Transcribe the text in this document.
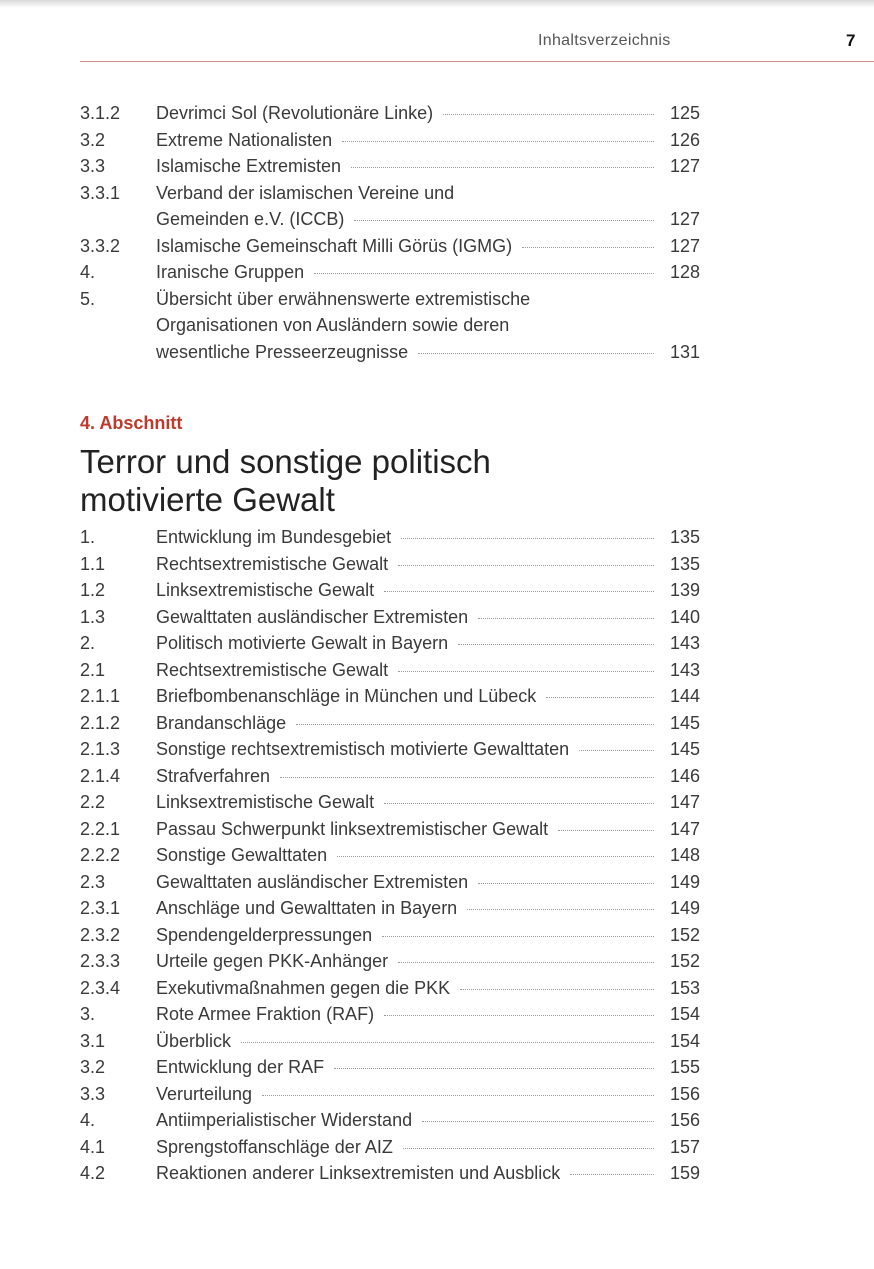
Inhaltsverzeichnis	7
3.1.2 Devrimci Sol (Revolutionäre Linke)	125
3.2	Extreme Nationalisten	126
3.3	Islamische Extremisten	127
3.3.1 Verband der islamischen Vereine und
Gemeinden e.V. (ICCB)	127
3.3.2 Islamische Gemeinschaft Milli Görüs (IGMG)	127
4.	Iranische Gruppen	128
5.	Übersicht über erwähnenswerte extremistische
Organisationen von Ausländern sowie deren
wesentliche Presseerzeugnisse	131
4. Abschnitt
Terror und sonstige politisch
motivierte Gewalt
1.	Entwicklung im Bundesgebiet	135
1.1	Rechtsextremistische Gewalt	135
1.2	Linksextremistische Gewalt	139
1.3	Gewalttaten ausländischer Extremisten	140
2.	Politisch motivierte Gewalt in Bayern	143
2.1	Rechtsextremistische Gewalt	143
2.1.1 Briefbombenanschläge in München und Lübeck	144
2.1.2 Brandanschläge	145
2.1.3 Sonstige rechtsextremistisch motivierte Gewalttaten	145
2.1.4 Strafverfahren	146
2.2	Linksextremistische Gewalt	147
2.2.1 Passau Schwerpunkt linksextremistischer Gewalt	147
2.2.2 Sonstige Gewalttaten	148
2.3	Gewalttaten ausländischer Extremisten	149
2.3.1 Anschläge und Gewalttaten in Bayern	149
2.3.2 Spendengelderpressungen	152
2.3.3 Urteile gegen PKK-Anhänger	152
2.3.4 Exekutivmaßnahmen gegen die PKK	153
3.	Rote Armee Fraktion (RAF)	154
3.1	Überblick	154
3.2	Entwicklung der RAF	155
3.3	Verurteilung	156
4.	Antiimperialistischer Widerstand	156
4.1	Sprengstoffanschläge der AIZ	157
4.2	Reaktionen anderer Linksextremisten und Ausblick	159
